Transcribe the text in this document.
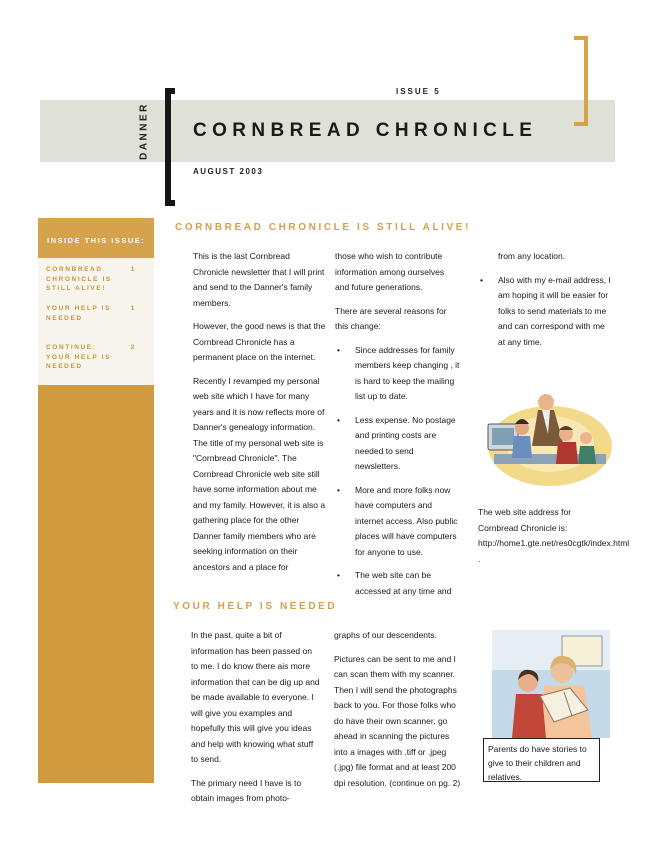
DANNER
ISSUE 5
CORNBREAD CHRONICLE
AUGUST 2003
INSIDE THIS ISSUE:
CORNBREAD CHRONICLE IS STILL ALIVE!
1
YOUR HELP IS NEEDED
1
CONTINUE: YOUR HELP IS NEEDED
2
CORNBREAD CHRONICLE IS STILL ALIVE!

This is the last Cornbread Chronicle newsletter that I will print and send to the Danner's family members.

However, the good news is that the Cornbread Chronicle has a permanent place on the internet.

Recently I revamped my personal web site which I have for many years and it is now reflects more of Danner's genealogy information. The title of my personal web site is "Cornbread Chronicle". The Cornbread Chronicle web site still have some information about me and my family. However, it is also a gathering place for the other Danner family members who are seeking information on their ancestors and a place for

those who wish to contribute information among ourselves and future generations.

There are several reasons for this change:

• Since addresses for family members keep changing , it is hard to keep the mailing list up to date.
• Less expense. No postage and printing costs are needed to send newsletters.
• More and more folks now have computers and internet access. Also public places will have computers for anyone to use.
• The web site can be accessed at any time and

from any location.

• Also with my e-mail address, I am hoping it will be easier for folks to send materials to me and can correspond with me at any time.

The web site address for Cornbread Chronicle is: http://home1.gte.net/res0cgtk/index.html .

YOUR HELP IS NEEDED

In the past, quite a bit of information has been passed on to me. I do know there ais more information that can be dig up and be made available to everyone. I will give you examples and hopefully this will give you ideas and help with knowing what stuff to send.

The primary need I have is to obtain images from photo-

graphs of our descendents.

Pictures can be sent to me and I can scan them with my scanner. Then I will send the photographs back to you. For those folks who do have their own scanner, go ahead in scanning the pictures into a images with .tiff or .jpeg (.jpg) file format and at least 200 dpi resolution. (continue on pg. 2)

Parents do have stories to give to their children and relatives.
